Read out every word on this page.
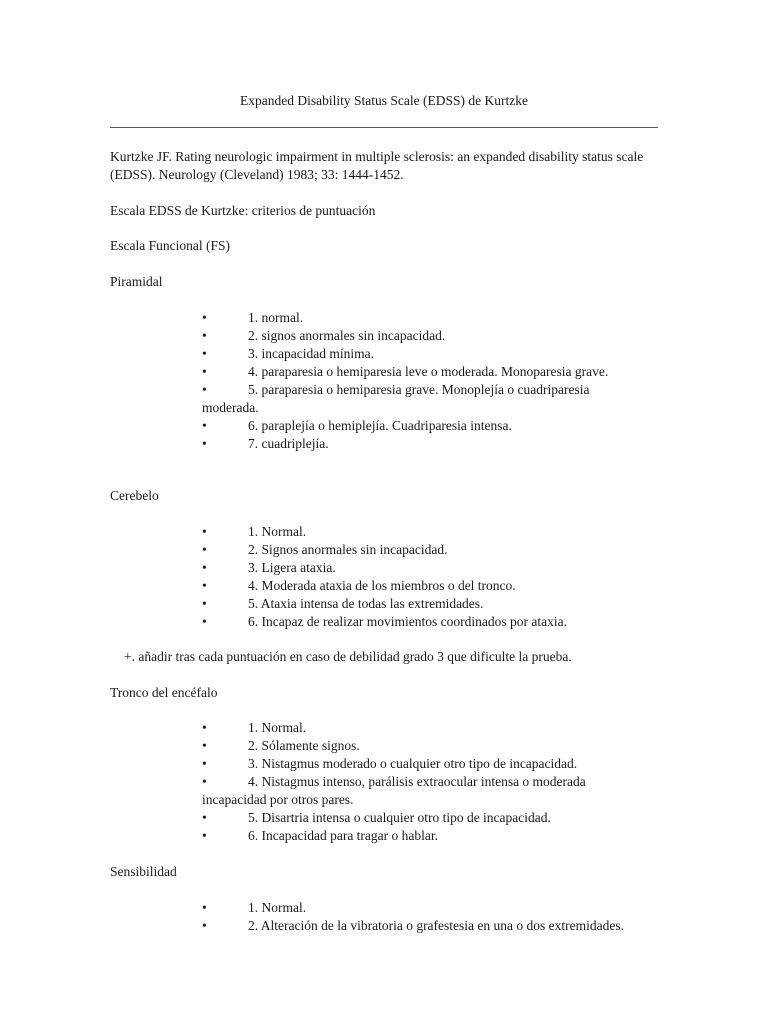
Expanded Disability Status Scale (EDSS) de Kurtzke
Kurtzke JF. Rating neurologic impairment in multiple sclerosis: an expanded disability status scale (EDSS). Neurology (Cleveland) 1983; 33: 1444-1452.
Escala EDSS de Kurtzke: criterios de puntuación
Escala Funcional (FS)
Piramidal
•	1. normal.
•	2. signos anormales sin incapacidad.
•	3. incapacidad mínima.
•	4. paraparesia o hemiparesia leve o moderada. Monoparesia grave.
•	5. paraparesia o hemiparesia grave. Monoplejía o cuadriparesia moderada.
•	6. paraplejía o hemiplejía. Cuadriparesia intensa.
•	7. cuadriplejía.
Cerebelo
•	1. Normal.
•	2. Signos anormales sin incapacidad.
•	3. Ligera ataxia.
•	4. Moderada ataxia de los miembros o del tronco.
•	5. Ataxia intensa de todas las extremidades.
•	6. Incapaz de realizar movimientos coordinados por ataxia.
+. añadir tras cada puntuación en caso de debilidad grado 3 que dificulte la prueba.
Tronco del encéfalo
•	1. Normal.
•	2. Sólamente signos.
•	3. Nistagmus moderado o cualquier otro tipo de incapacidad.
•	4. Nistagmus intenso, parálisis extraocular intensa o moderada incapacidad por otros pares.
•	5. Disartria intensa o cualquier otro tipo de incapacidad.
•	6. Incapacidad para tragar o hablar.
Sensibilidad
•	1. Normal.
•	2. Alteración de la vibratoria o grafestesia en una o dos extremidades.
